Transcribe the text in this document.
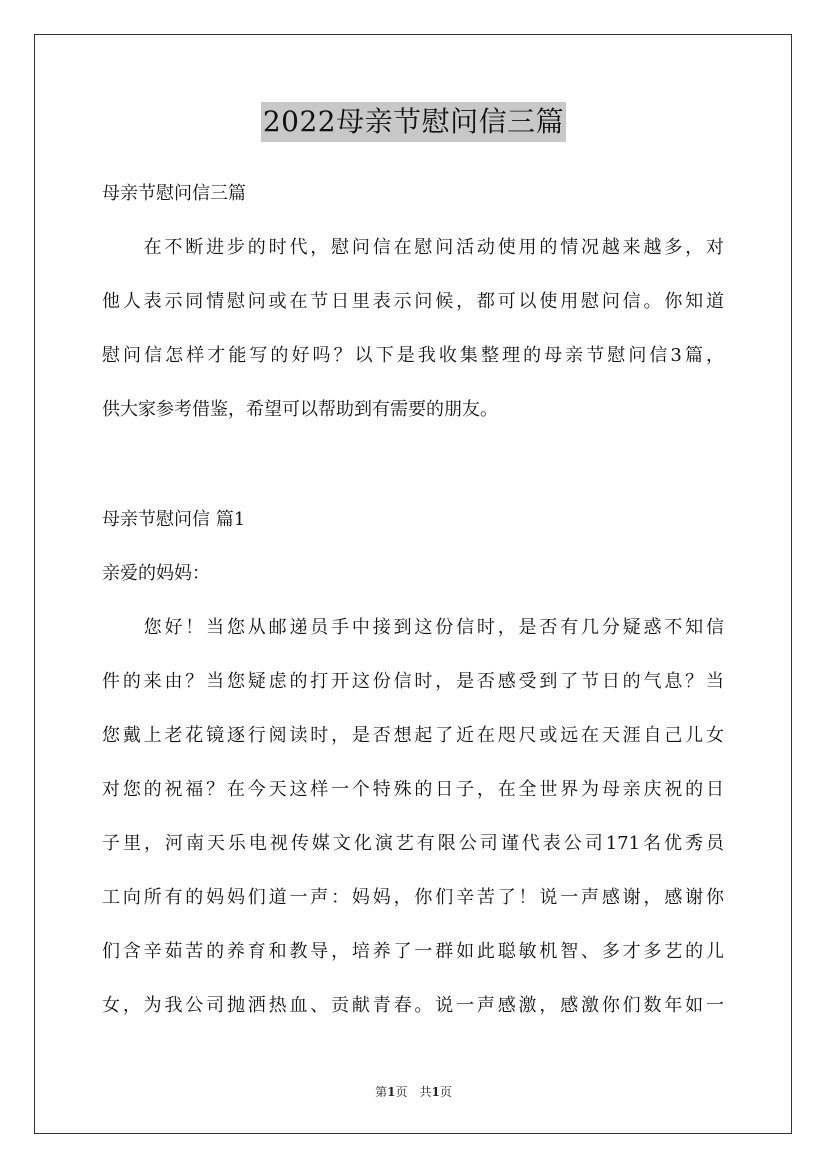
2022母亲节慰问信三篇
母亲节慰问信三篇
　　在不断进步的时代，慰问信在慰问活动使用的情况越来越多，对
他人表示同情慰问或在节日里表示问候，都可以使用慰问信。你知道
慰问信怎样才能写的好吗？以下是我收集整理的母亲节慰问信3篇，
供大家参考借鉴，希望可以帮助到有需要的朋友。
母亲节慰问信 篇1
亲爱的妈妈：
　　您好！当您从邮递员手中接到这份信时，是否有几分疑惑不知信
件的来由？当您疑虑的打开这份信时，是否感受到了节日的气息？当
您戴上老花镜逐行阅读时，是否想起了近在咫尺或远在天涯自己儿女
对您的祝福？在今天这样一个特殊的日子，在全世界为母亲庆祝的日
子里，河南天乐电视传媒文化演艺有限公司谨代表公司171名优秀员
工向所有的妈妈们道一声：妈妈，你们辛苦了！说一声感谢，感谢你
们含辛茹苦的养育和教导，培养了一群如此聪敏机智、多才多艺的儿
女，为我公司抛洒热血、贡献青春。说一声感激，感激你们数年如一
第1页　共1页
